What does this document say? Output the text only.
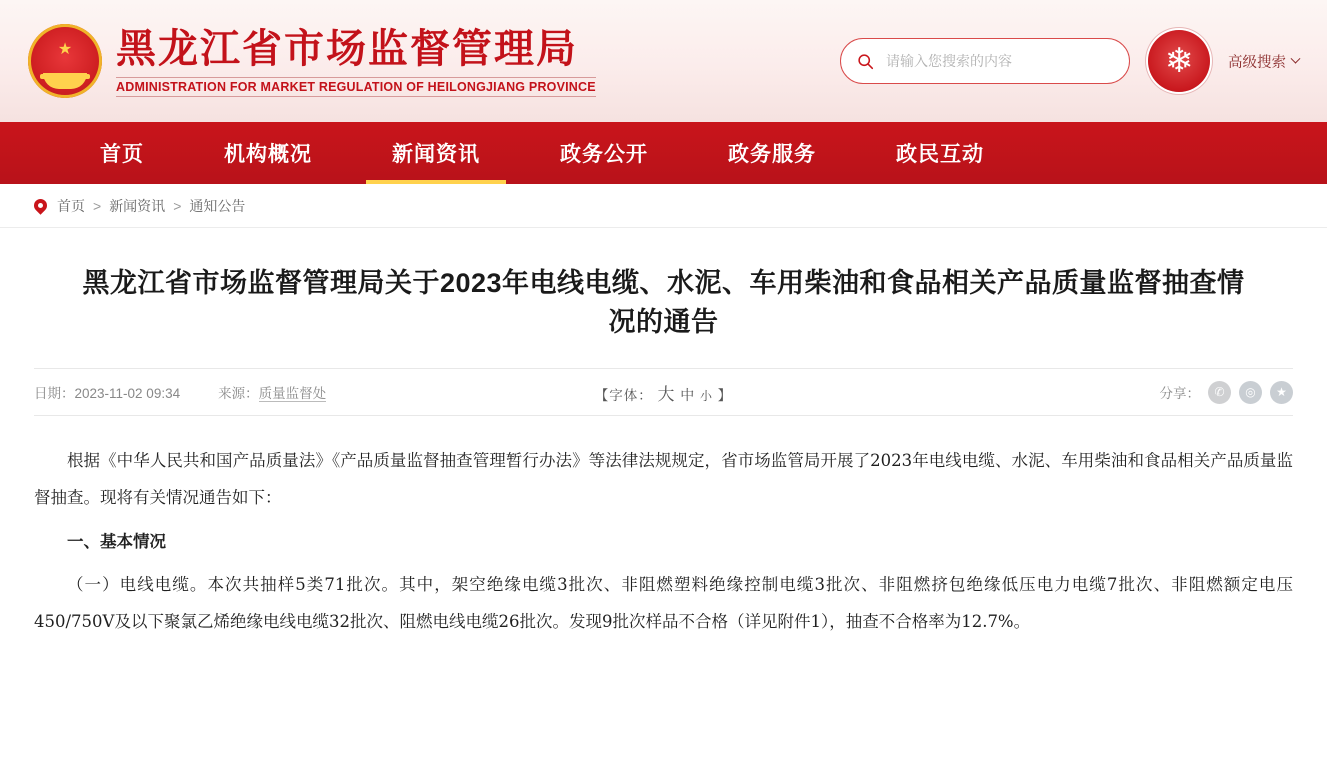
★ 黑龙江省市场监督管理局
ADMINISTRATION FOR MARKET REGULATION OF HEILONGJIANG PROVINCE
请输入您搜索的内容
❄ 高级搜索
首页	机构概况	新闻资讯	政务公开	政务服务	政民互动
首页 > 新闻资讯 > 通知公告
黑龙江省市场监督管理局关于2023年电线电缆、水泥、车用柴油和食品相关产品质量监督抽查情况的通告
日期：2023-11-02 09:34	来源：质量监督处	【字体： 大 中 小 】	分享：	✆	◎	★

根据《中华人民共和国产品质量法》《产品质量监督抽查管理暂行办法》等法律法规规定，省市场监管局开展了2023年电线电缆、水泥、车用柴油和食品相关产品质量监督抽查。现将有关情况通告如下：

一、基本情况

（一）电线电缆。本次共抽样5类71批次。其中，架空绝缘电缆3批次、非阻燃塑料绝缘控制电缆3批次、非阻燃挤包绝缘低压电力电缆7批次、非阻燃额定电压450/750V及以下聚氯乙烯绝缘电线电缆32批次、阻燃电线电缆26批次。发现9批次样品不合格（详见附件1），抽查不合格率为12.7%。
